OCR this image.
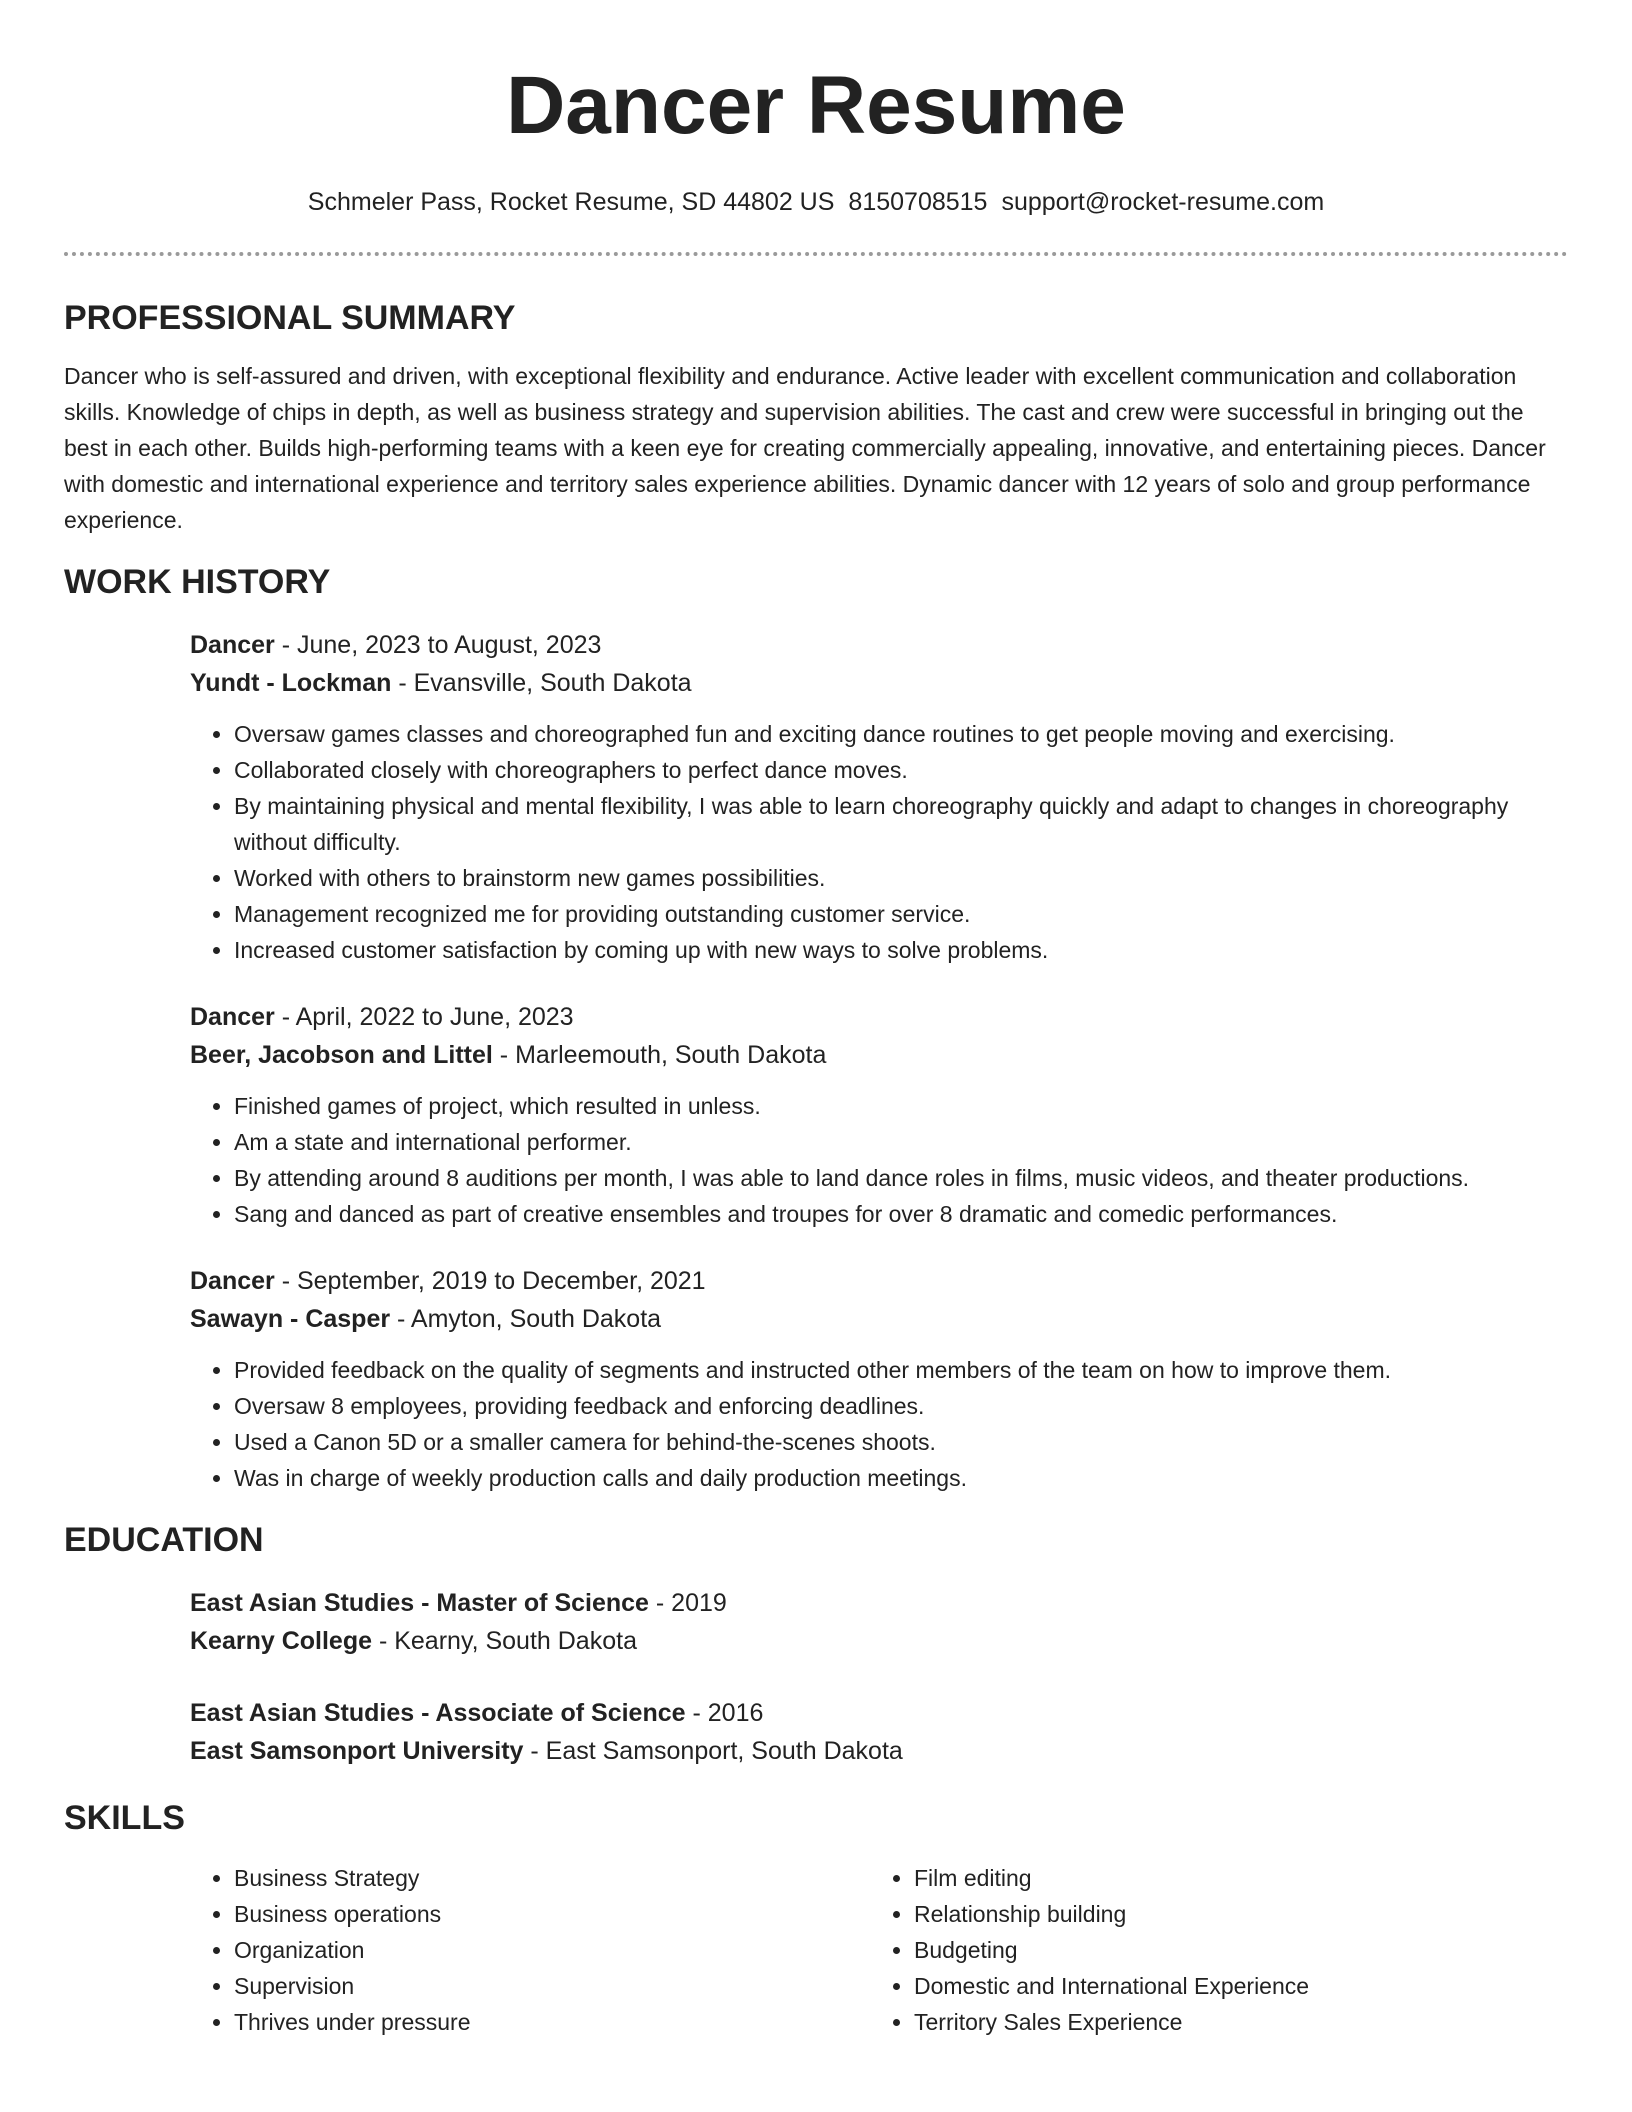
Dancer Resume
Schmeler Pass, Rocket Resume, SD 44802 US 8150708515 support@rocket-resume.com
PROFESSIONAL SUMMARY

Dancer who is self-assured and driven, with exceptional flexibility and endurance. Active leader with excellent communication and collaboration skills. Knowledge of chips in depth, as well as business strategy and supervision abilities. The cast and crew were successful in bringing out the best in each other. Builds high-performing teams with a keen eye for creating commercially appealing, innovative, and entertaining pieces. Dancer with domestic and international experience and territory sales experience abilities. Dynamic dancer with 12 years of solo and group performance experience.

WORK HISTORY
Dancer - June, 2023 to August, 2023
Yundt - Lockman - Evansville, South Dakota
• Oversaw games classes and choreographed fun and exciting dance routines to get people moving and exercising.
• Collaborated closely with choreographers to perfect dance moves.
• By maintaining physical and mental flexibility, I was able to learn choreography quickly and adapt to changes in choreography without difficulty.
• Worked with others to brainstorm new games possibilities.
• Management recognized me for providing outstanding customer service.
• Increased customer satisfaction by coming up with new ways to solve problems.
Dancer - April, 2022 to June, 2023
Beer, Jacobson and Littel - Marleemouth, South Dakota
• Finished games of project, which resulted in unless.
• Am a state and international performer.
• By attending around 8 auditions per month, I was able to land dance roles in films, music videos, and theater productions.
• Sang and danced as part of creative ensembles and troupes for over 8 dramatic and comedic performances.
Dancer - September, 2019 to December, 2021
Sawayn - Casper - Amyton, South Dakota
• Provided feedback on the quality of segments and instructed other members of the team on how to improve them.
• Oversaw 8 employees, providing feedback and enforcing deadlines.
• Used a Canon 5D or a smaller camera for behind-the-scenes shoots.
• Was in charge of weekly production calls and daily production meetings.
EDUCATION
East Asian Studies - Master of Science - 2019
Kearny College - Kearny, South Dakota
East Asian Studies - Associate of Science - 2016
East Samsonport University - East Samsonport, South Dakota
SKILLS
• Business Strategy
• Business operations
• Organization
• Supervision
• Thrives under pressure
• Film editing
• Relationship building
• Budgeting
• Domestic and International Experience
• Territory Sales Experience
